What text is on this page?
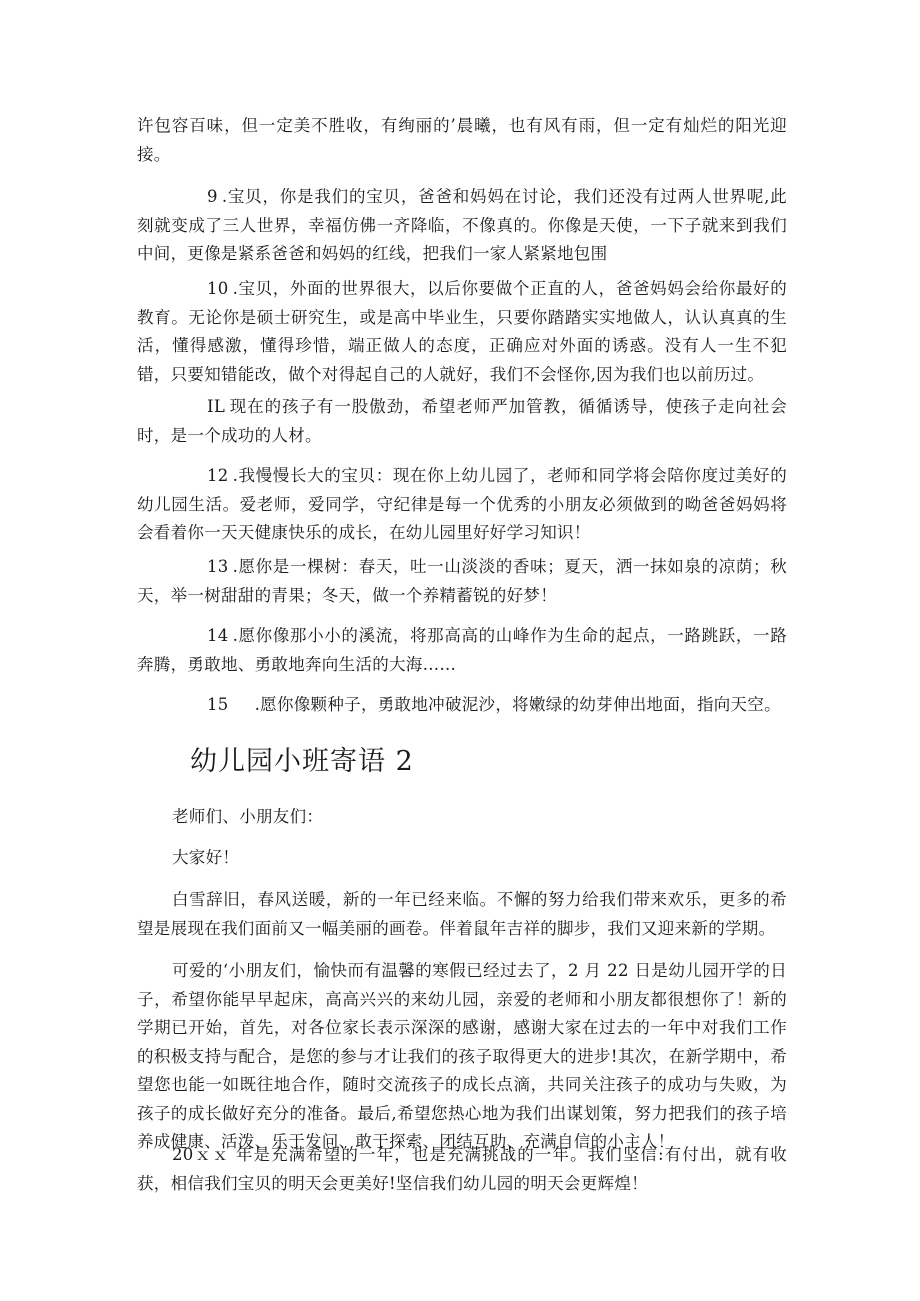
许包容百味，但一定美不胜收，有绚丽的’晨曦，也有风有雨，但一定有灿烂的阳光迎接。

9 .宝贝，你是我们的宝贝，爸爸和妈妈在讨论，我们还没有过两人世界呢,此刻就变成了三人世界，幸福仿佛一齐降临，不像真的。你像是天使，一下子就来到我们中间，更像是紧系爸爸和妈妈的红线，把我们一家人紧紧地包围

10 .宝贝，外面的世界很大，以后你要做个正直的人，爸爸妈妈会给你最好的教育。无论你是硕士研究生，或是高中毕业生，只要你踏踏实实地做人，认认真真的生活，懂得感激，懂得珍惜，端正做人的态度，正确应对外面的诱惑。没有人一生不犯错，只要知错能改，做个对得起自己的人就好，我们不会怪你,因为我们也以前历过。

IL 现在的孩子有一股傲劲，希望老师严加管教，循循诱导，使孩子走向社会时，是一个成功的人材。

12 .我慢慢长大的宝贝：现在你上幼儿园了，老师和同学将会陪你度过美好的幼儿园生活。爱老师，爱同学，守纪律是每一个优秀的小朋友必须做到的呦爸爸妈妈将会看着你一天天健康快乐的成长，在幼儿园里好好学习知识！

13 .愿你是一棵树：春天，吐一山淡淡的香味；夏天，洒一抹如泉的凉荫；秋天，举一树甜甜的青果；冬天，做一个养精蓄锐的好梦！

14 .愿你像那小小的溪流，将那高高的山峰作为生命的起点，一路跳跃，一路奔腾，勇敢地、勇敢地奔向生活的大海……

15 .愿你像颗种子，勇敢地冲破泥沙，将嫩绿的幼芽伸出地面，指向天空。

幼儿园小班寄语 2

老师们、小朋友们：

大家好！

白雪辞旧，春风送暖，新的一年已经来临。不懈的努力给我们带来欢乐，更多的希望是展现在我们面前又一幅美丽的画卷。伴着鼠年吉祥的脚步，我们又迎来新的学期。

可爱的‘小朋友们，愉快而有温馨的寒假已经过去了，2 月 22 日是幼儿园开学的日子，希望你能早早起床，高高兴兴的来幼儿园，亲爱的老师和小朋友都很想你了！新的学期已开始，首先，对各位家长表示深深的感谢，感谢大家在过去的一年中对我们工作的积极支持与配合，是您的参与才让我们的孩子取得更大的进步!其次，在新学期中，希望您也能一如既往地合作，随时交流孩子的成长点滴，共同关注孩子的成功与失败，为孩子的成长做好充分的准备。最后,希望您热心地为我们出谋划策，努力把我们的孩子培养成健康、活泼、乐于发问、敢于探索、团结互助、充满自信的小主人！

20ｘｘ 年是充满希望的一年，也是充满挑战的一年。我们坚信:有付出，就有收获，相信我们宝贝的明天会更美好!坚信我们幼儿园的明天会更辉煌！
